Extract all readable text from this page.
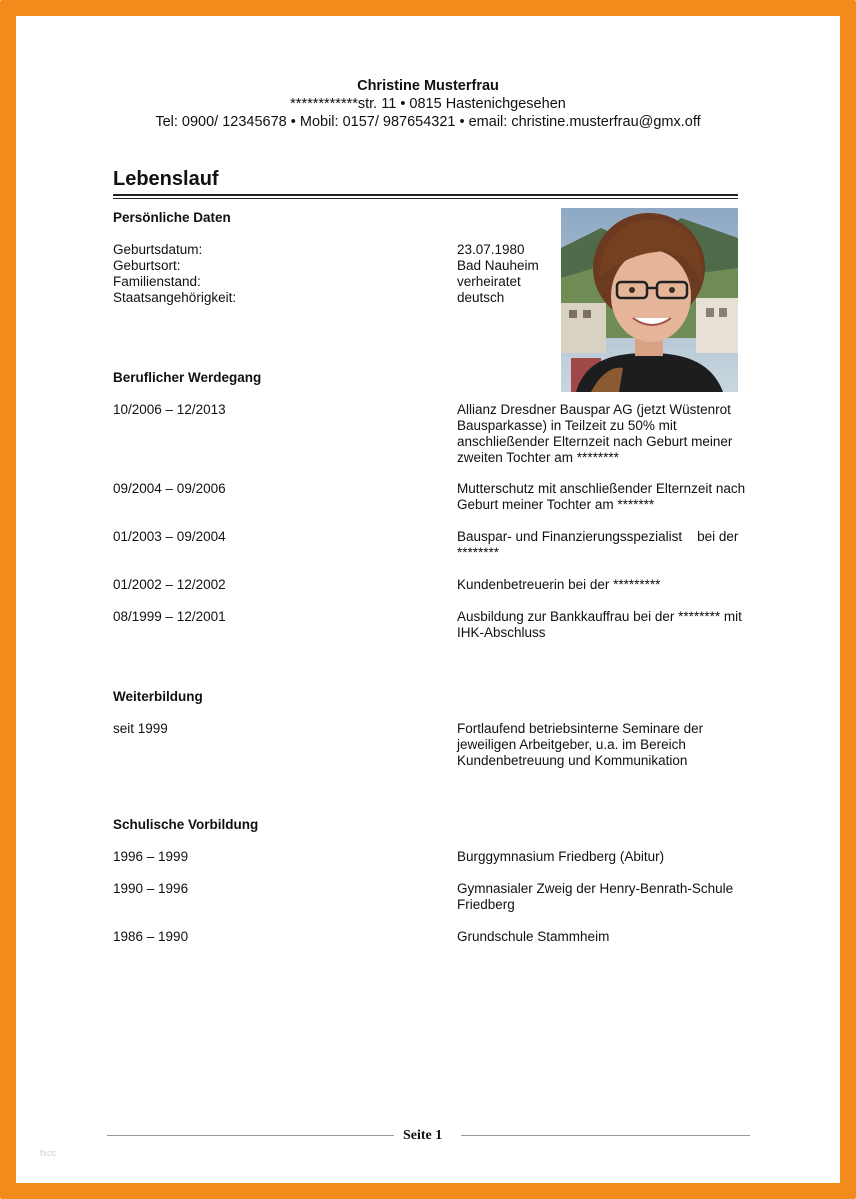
Christine Musterfrau
************str. 11 • 0815 Hastenichgesehen
Tel: 0900/ 12345678 • Mobil: 0157/ 987654321 • email: christine.musterfrau@gmx.off
Lebenslauf
Persönliche Daten
Geburtsdatum:	23.07.1980
Geburtsort:	Bad Nauheim
Familienstand:	verheiratet
Staatsangehörigkeit:	deutsch
Beruflicher Werdegang
10/2006 – 12/2013	Allianz Dresdner Bauspar AG (jetzt Wüstenrot Bausparkasse) in Teilzeit zu 50% mit anschließender Elternzeit nach Geburt meiner zweiten Tochter am ********
09/2004 – 09/2006	Mutterschutz mit anschließender Elternzeit nach Geburt meiner Tochter am *******
01/2003 – 09/2004	Bauspar- und Finanzierungsspezialist    bei der ********
01/2002 – 12/2002	Kundenbetreuerin bei der *********
08/1999 – 12/2001	Ausbildung zur Bankkauffrau bei der ******** mit IHK-Abschluss
Weiterbildung
seit 1999	Fortlaufend betriebsinterne Seminare der jeweiligen Arbeitgeber, u.a. im Bereich Kundenbetreuung und Kommunikation
Schulische Vorbildung
1996 – 1999	Burggymnasium Friedberg (Abitur)
1990 – 1996	Gymnasialer Zweig der Henry-Benrath-Schule Friedberg
1986 – 1990	Grundschule Stammheim
Seite 1
fxcc
